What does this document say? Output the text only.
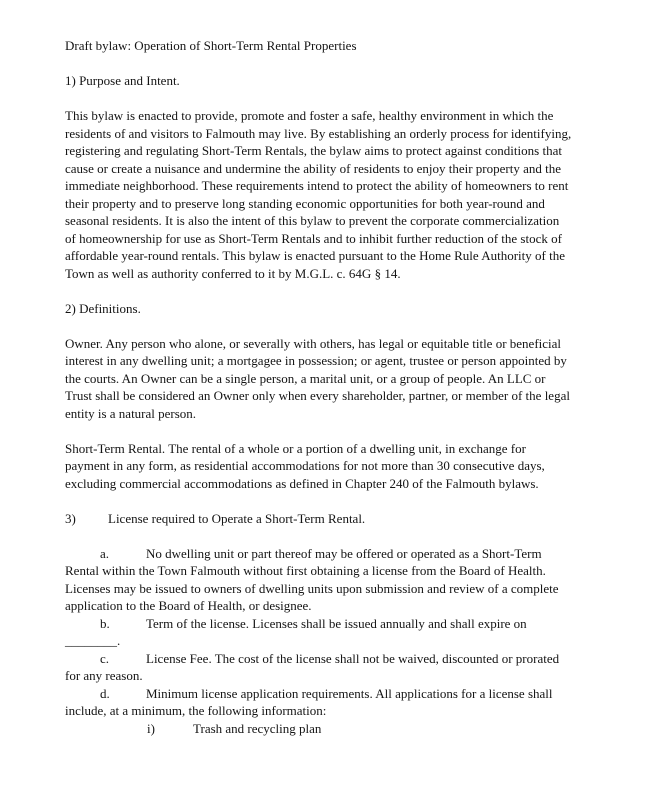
Draft bylaw: Operation of Short-Term Rental Properties
1) Purpose and Intent.
This bylaw is enacted to provide, promote and foster a safe, healthy environment in which the
residents of and visitors to Falmouth may live. By establishing an orderly process for identifying,
registering and regulating Short-Term Rentals, the bylaw aims to protect against conditions that
cause or create a nuisance and undermine the ability of residents to enjoy their property and the
immediate neighborhood. These requirements intend to protect the ability of homeowners to rent
their property and to preserve long standing economic opportunities for both year-round and
seasonal residents. It is also the intent of this bylaw to prevent the corporate commercialization
of homeownership for use as Short-Term Rentals and to inhibit further reduction of the stock of
affordable year-round rentals. This bylaw is enacted pursuant to the Home Rule Authority of the
Town as well as authority conferred to it by M.G.L. c. 64G § 14.
2) Definitions.
Owner. Any person who alone, or severally with others, has legal or equitable title or beneficial
interest in any dwelling unit; a mortgagee in possession; or agent, trustee or person appointed by
the courts. An Owner can be a single person, a marital unit, or a group of people. An LLC or
Trust shall be considered an Owner only when every shareholder, partner, or member of the legal
entity is a natural person.
Short-Term Rental. The rental of a whole or a portion of a dwelling unit, in exchange for
payment in any form, as residential accommodations for not more than 30 consecutive days,
excluding commercial accommodations as defined in Chapter 240 of the Falmouth bylaws.
3) License required to Operate a Short-Term Rental.
a.	No dwelling unit or part thereof may be offered or operated as a Short-Term
Rental within the Town Falmouth without first obtaining a license from the Board of Health.
Licenses may be issued to owners of dwelling units upon submission and review of a complete
application to the Board of Health, or designee.
b.	Term of the license. Licenses shall be issued annually and shall expire on
________.
c.	License Fee. The cost of the license shall not be waived, discounted or prorated
for any reason.
d.	Minimum license application requirements. All applications for a license shall
include, at a minimum, the following information:
i)	Trash and recycling plan
